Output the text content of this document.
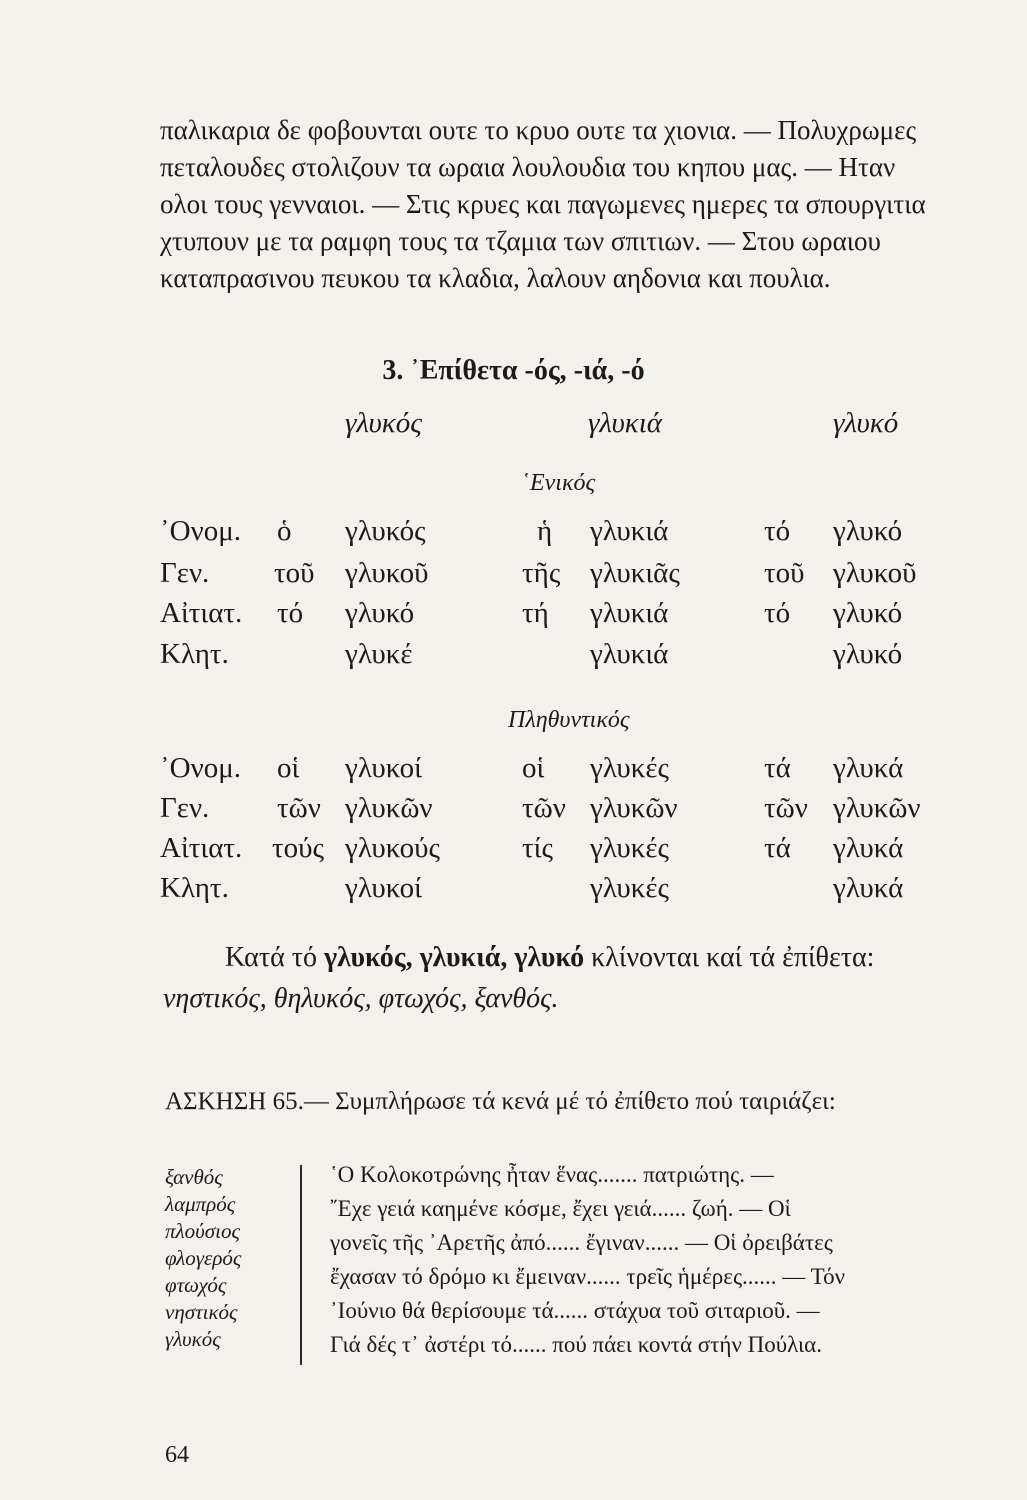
παλικαρια δε φοβουνται ουτε το κρυο ουτε τα χιονια. — Πολυχρωμες
πεταλουδες στολιζουν τα ωραια λουλουδια του κηπου μας. — Ηταν
ολοι τους γενναιοι. — Στις κρυες και παγωμενες ημερες τα σπουργιτια
χτυπουν με τα ραμφη τους τα τζαμια των σπιτιων. — Στου ωραιου
καταπρασινου πευκου τα κλαδια, λαλουν αηδονια και πουλια.
3. ᾿Επίθετα -ός, -ιά, -ό
γλυκός	γλυκιά	γλυκό
῾Ενικός
᾿Ονομ. ὁ γλυκός	ἡ γλυκιά	τό γλυκό
Γεν. τοῦ γλυκοῦ	τῆς γλυκιᾶς	τοῦ γλυκοῦ
Αἰτιατ. τό γλυκό	τή γλυκιά	τό γλυκό
Κλητ.	γλυκέ	γλυκιά	γλυκό
Πληθυντικός
᾿Ονομ. οἱ γλυκοί	οἱ γλυκές	τά γλυκά
Γεν. τῶν γλυκῶν	τῶν γλυκῶν	τῶν γλυκῶν
Αἰτιατ. τούς γλυκούς	τίς γλυκές	τά γλυκά
Κλητ.	γλυκοί	γλυκές	γλυκά
Κατά τό γλυκός, γλυκιά, γλυκό κλίνονται καί τά ἐπίθετα:
νηστικός, θηλυκός, φτωχός, ξανθός.
ΑΣΚΗΣΗ 65.— Συμπλήρωσε τά κενά μέ τό ἐπίθετο πού ταιριάζει:
ξανθός
λαμπρός
πλούσιος
φλογερός
φτωχός
νηστικός
γλυκός
῾Ο Κολοκοτρώνης ἦταν ἕνας....... πατριώτης. —
῎Εχε γειά καημένε κόσμε, ἔχει γειά...... ζωή. — Οἱ
γονεῖς τῆς ᾿Αρετῆς ἀπό...... ἔγιναν...... — Οἱ ὀρειβάτες
ἔχασαν τό δρόμο κι ἔμειναν...... τρεῖς ἡμέρες...... — Τόν
᾿Ιούνιο θά θερίσουμε τά...... στάχυα τοῦ σιταριοῦ. —
Γιά δές τ᾿ ἀστέρι τό...... πού πάει κοντά στήν Πούλια.
64
